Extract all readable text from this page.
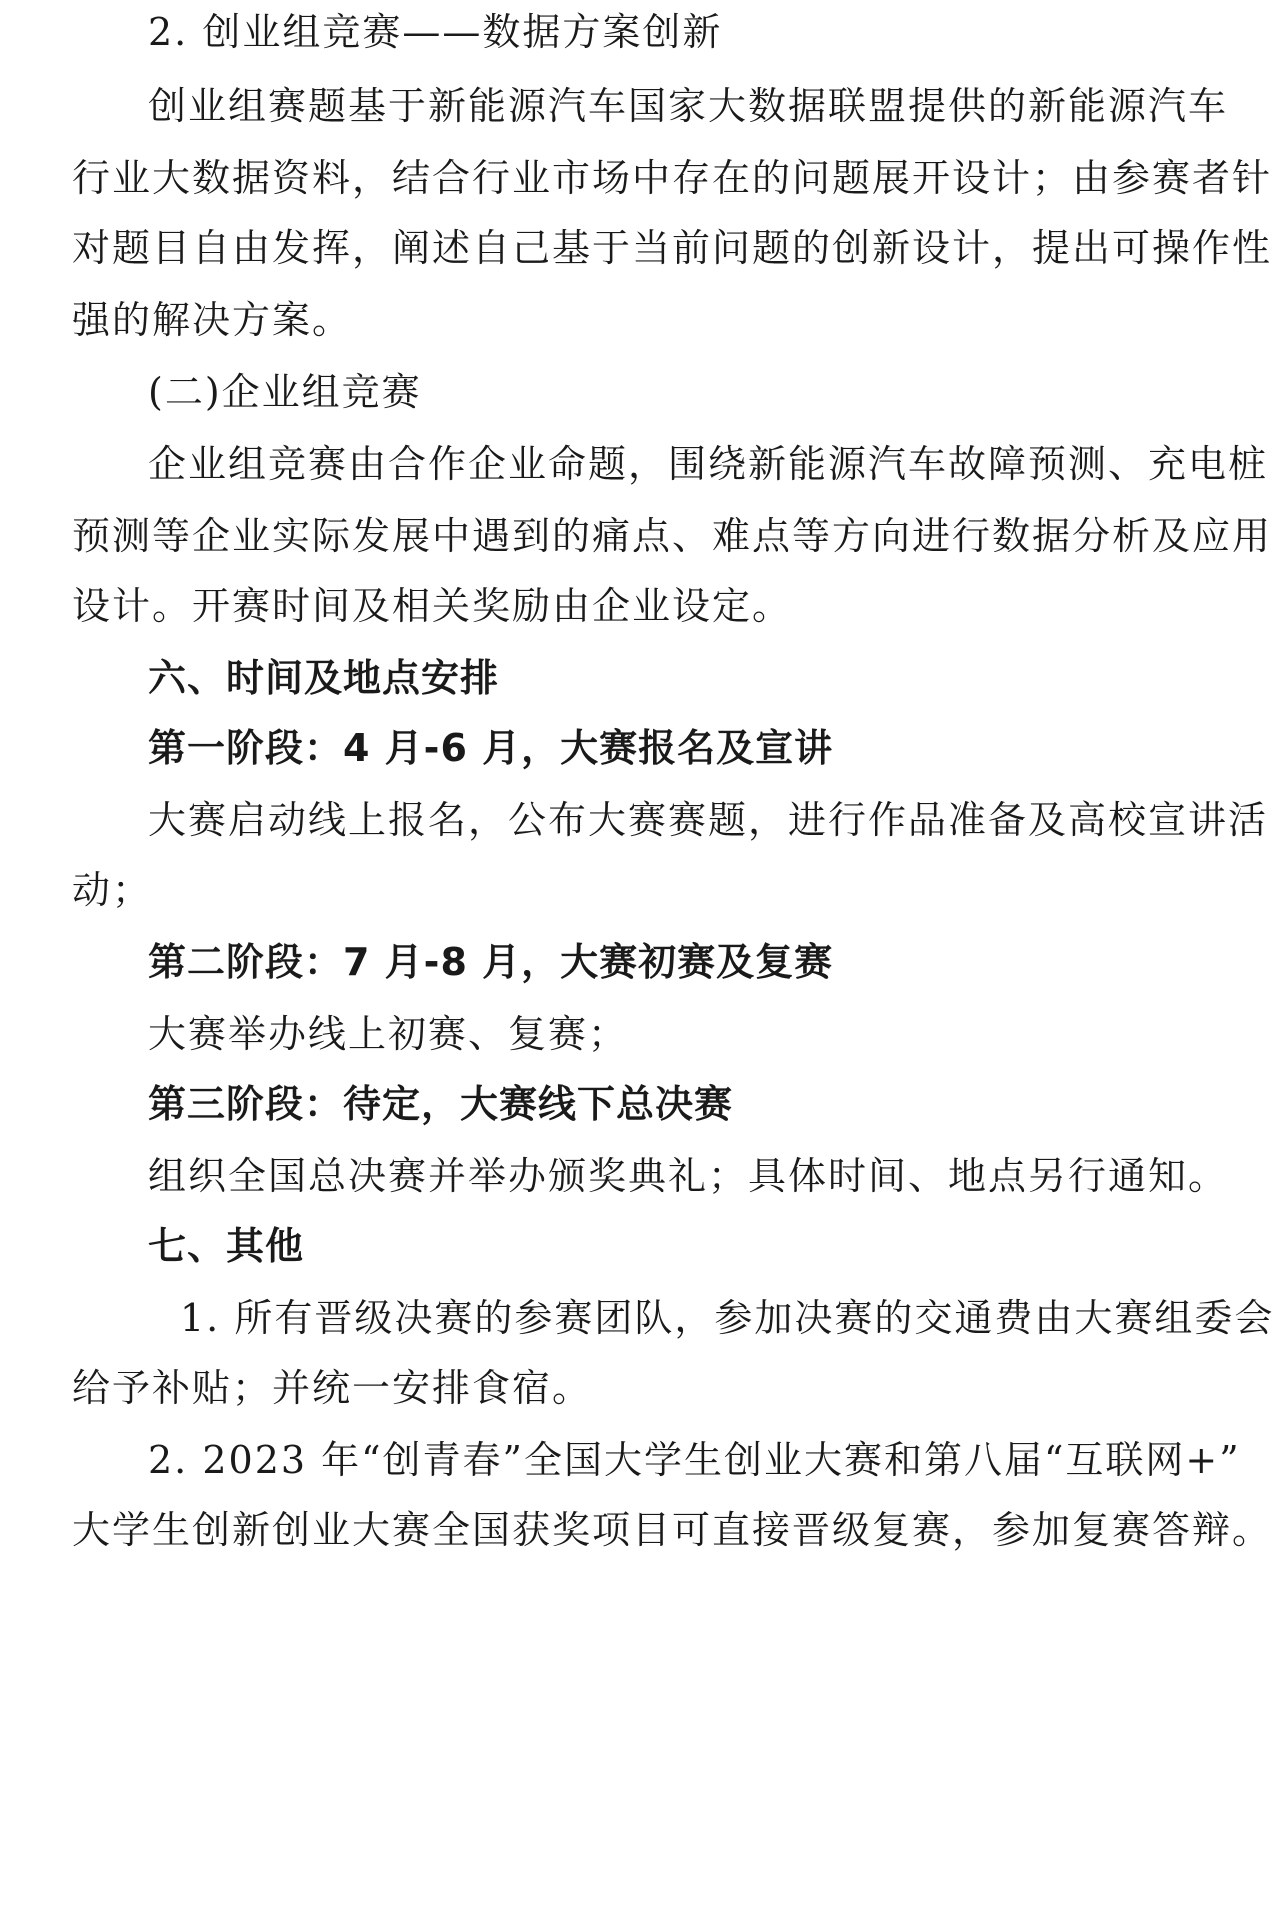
2. 创业组竞赛——数据方案创新
创业组赛题基于新能源汽车国家大数据联盟提供的新能源汽车
行业大数据资料，结合行业市场中存在的问题展开设计；由参赛者针
对题目自由发挥，阐述自己基于当前问题的创新设计，提出可操作性
强的解决方案。
(二)企业组竞赛
企业组竞赛由合作企业命题，围绕新能源汽车故障预测、充电桩
预测等企业实际发展中遇到的痛点、难点等方向进行数据分析及应用
设计。开赛时间及相关奖励由企业设定。
六、时间及地点安排
第一阶段：4 月-6 月，大赛报名及宣讲
大赛启动线上报名，公布大赛赛题，进行作品准备及高校宣讲活
动；
第二阶段：7 月-8 月，大赛初赛及复赛
大赛举办线上初赛、复赛；
第三阶段：待定，大赛线下总决赛
组织全国总决赛并举办颁奖典礼；具体时间、地点另行通知。
七、其他
1. 所有晋级决赛的参赛团队，参加决赛的交通费由大赛组委会
给予补贴；并统一安排食宿。
2. 2023 年“创青春”全国大学生创业大赛和第八届“互联网+”
大学生创新创业大赛全国获奖项目可直接晋级复赛，参加复赛答辩。
